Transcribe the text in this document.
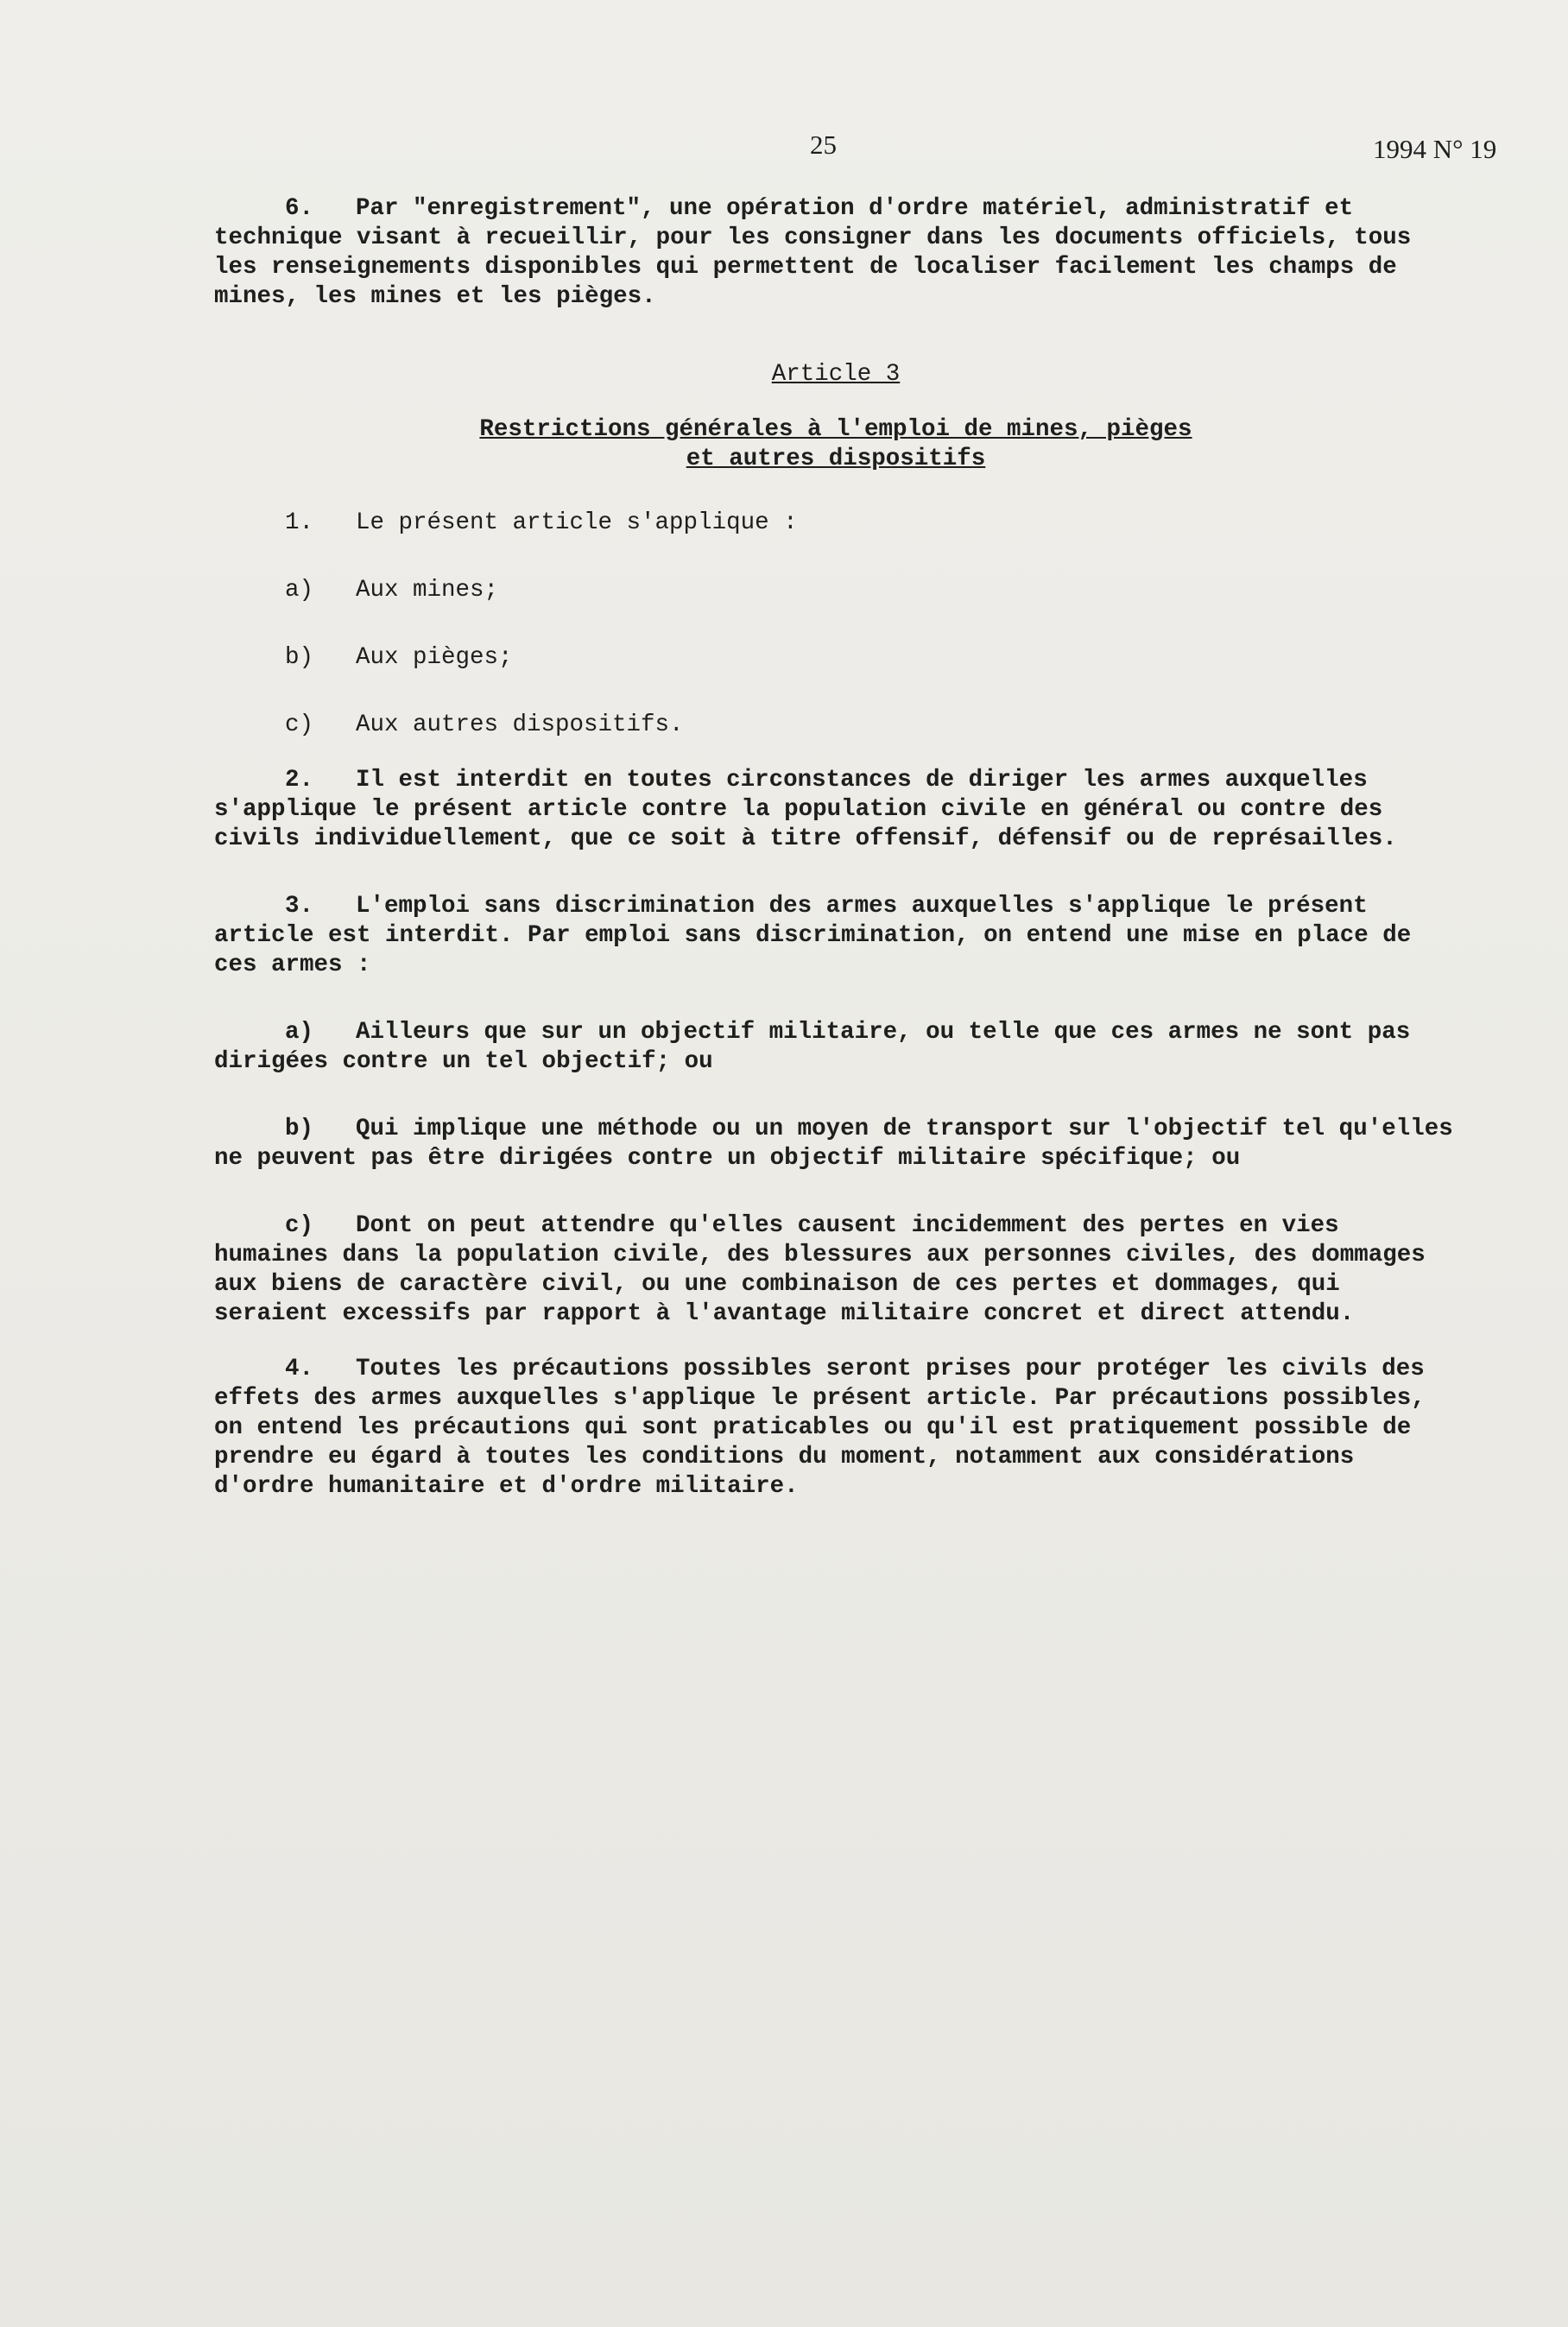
25	1994 N° 19

6. Par "enregistrement", une opération d'ordre matériel, administratif et technique visant à recueillir, pour les consigner dans les documents officiels, tous les renseignements disponibles qui permettent de localiser facilement les champs de mines, les mines et les pièges.

Article 3
Restrictions générales à l'emploi de mines, pièges
et autres dispositifs

1. Le présent article s'applique :

a) Aux mines;
b) Aux pièges;
c) Aux autres dispositifs.

2. Il est interdit en toutes circonstances de diriger les armes auxquelles s'applique le présent article contre la population civile en général ou contre des civils individuellement, que ce soit à titre offensif, défensif ou de représailles.

3. L'emploi sans discrimination des armes auxquelles s'applique le présent article est interdit. Par emploi sans discrimination, on entend une mise en place de ces armes :

a) Ailleurs que sur un objectif militaire, ou telle que ces armes ne sont pas dirigées contre un tel objectif; ou
b) Qui implique une méthode ou un moyen de transport sur l'objectif tel qu'elles ne peuvent pas être dirigées contre un objectif militaire spécifique; ou
c) Dont on peut attendre qu'elles causent incidemment des pertes en vies humaines dans la population civile, des blessures aux personnes civiles, des dommages aux biens de caractère civil, ou une combinaison de ces pertes et dommages, qui seraient excessifs par rapport à l'avantage militaire concret et direct attendu.

4. Toutes les précautions possibles seront prises pour protéger les civils des effets des armes auxquelles s'applique le présent article. Par précautions possibles, on entend les précautions qui sont praticables ou qu'il est pratiquement possible de prendre eu égard à toutes les conditions du moment, notamment aux considérations d'ordre humanitaire et d'ordre militaire.
